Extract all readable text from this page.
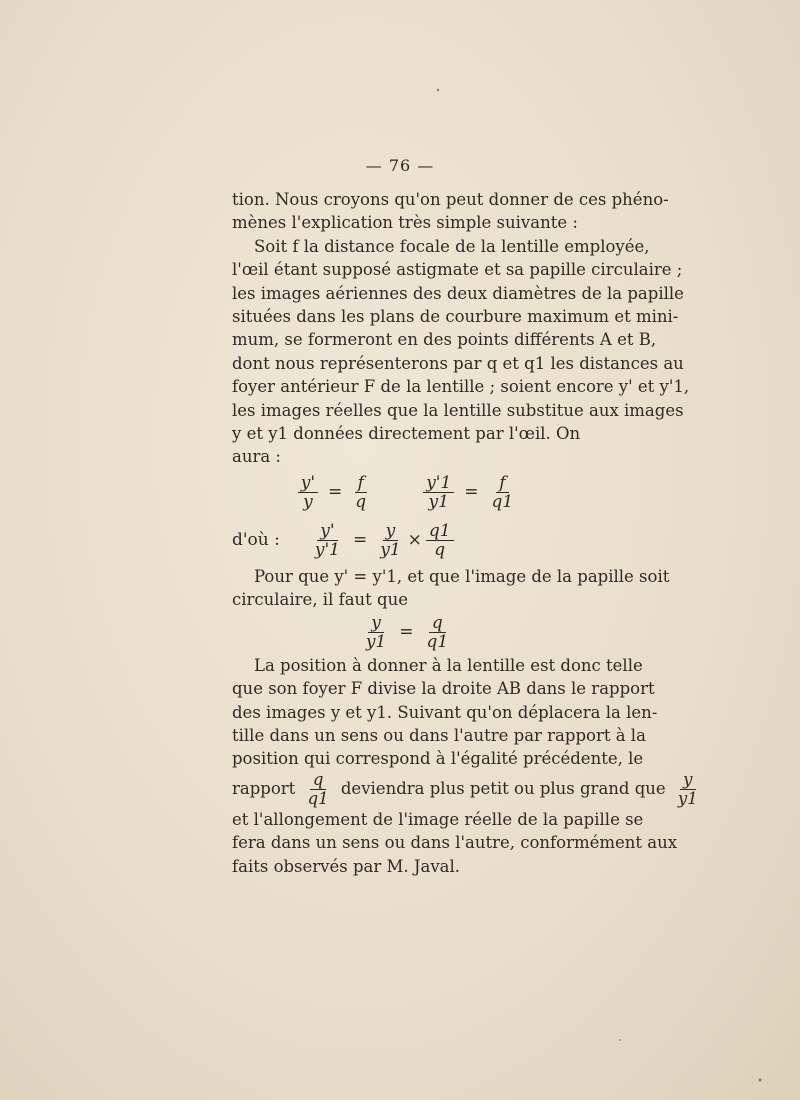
— 76 —

tion. Nous croyons qu'on peut donner de ces phéno-
mènes l'explication très simple suivante :

Soit f la distance focale de la lentille employée,
l'œil étant supposé astigmate et sa papille circulaire ;
les images aériennes des deux diamètres de la papille
situées dans les plans de courbure maximum et mini-
mum, se formeront en des points différents A et B,
dont nous représenterons par q et q1 les distances au
foyer antérieur F de la lentille ; soient encore y' et y'1,
les images réelles que la lentille substitue aux images
y et y1 données directement par l'œil. On aura :

$\frac{y'}{y} = \frac{f}{q}$	$\frac{y'1}{y1} = \frac{f}{q1}$
d'où : $\frac{y'}{y'1} = \frac{y}{y1} \times \frac{q1}{q}$

Pour que y' = y'1, et que l'image de la papille soit
circulaire, il faut que

$\frac{y}{y1} = \frac{q}{q1}$

La position à donner à la lentille est donc telle
que son foyer F divise la droite AB dans le rapport
des images y et y1. Suivant qu'on déplacera la len-
tille dans un sens ou dans l'autre par rapport à la
position qui correspond à l'égalité précédente, le
rapport $\frac{q}{q1}$ deviendra plus petit ou plus grand que $\frac{y}{y1}$
et l'allongement de l'image réelle de la papille se
fera dans un sens ou dans l'autre, conformément aux
faits observés par M. Javal.
